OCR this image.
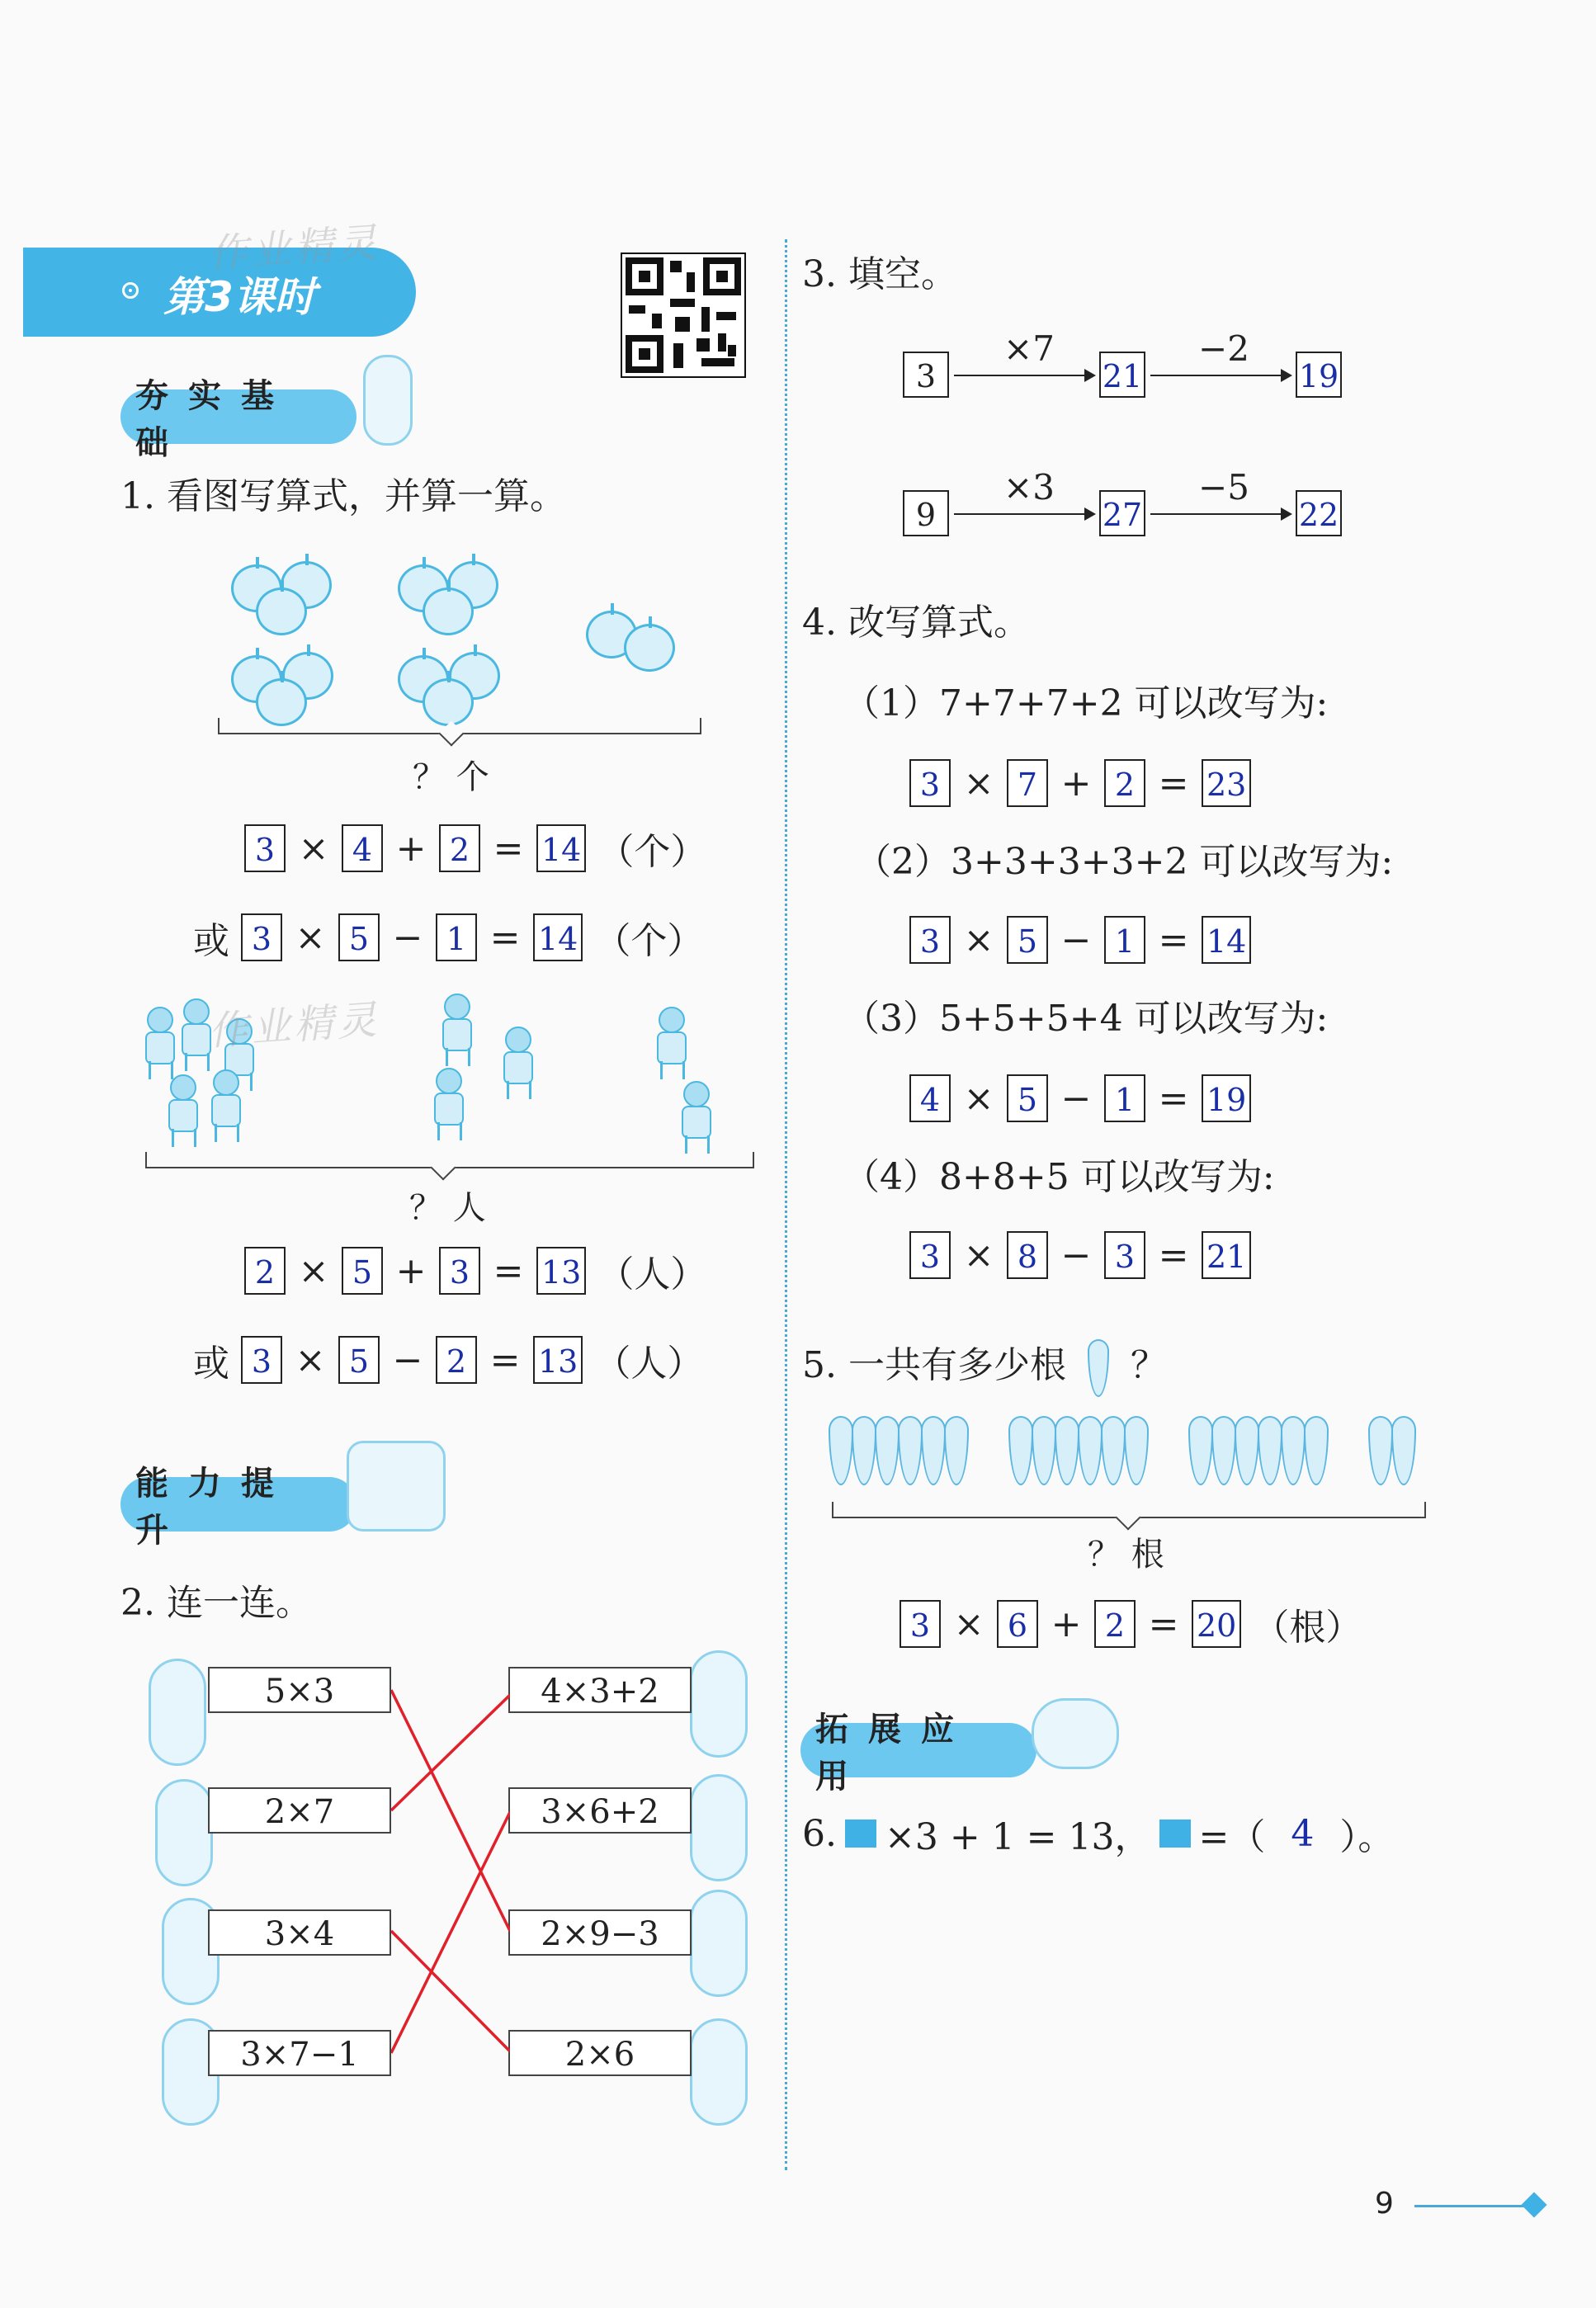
第3课时
作业精灵
夯实基础
1. 看图写算式，并算一算。
？ 个
3 × 4 + 2 = 14 （个）
或 3 × 5 − 1 = 14 （个）
作业精灵
？ 人
2 × 5 + 3 = 13 （人）
或 3 × 5 − 2 = 13 （人）
能力提升
2. 连一连。
5×3
2×7
3×4
3×7−1
4×3+2
3×6+2
2×9−3
2×6
3. 填空。
3
×7
21
−2
19
9
×3
27
−5
22
4. 改写算式。
（1）7+7+7+2 可以改写为:
3 × 7 + 2 = 23
（2）3+3+3+3+2 可以改写为:
3 × 5 − 1 = 14
（3）5+5+5+4 可以改写为:
4 × 5 − 1 = 19
（4）8+8+5 可以改写为:
3 × 8 − 3 = 21
5. 一共有多少根 ？
？ 根
3 × 6 + 2 = 20 （根）
拓展应用
6. ×3 + 1 = 13， =（ 4 ）。
9
